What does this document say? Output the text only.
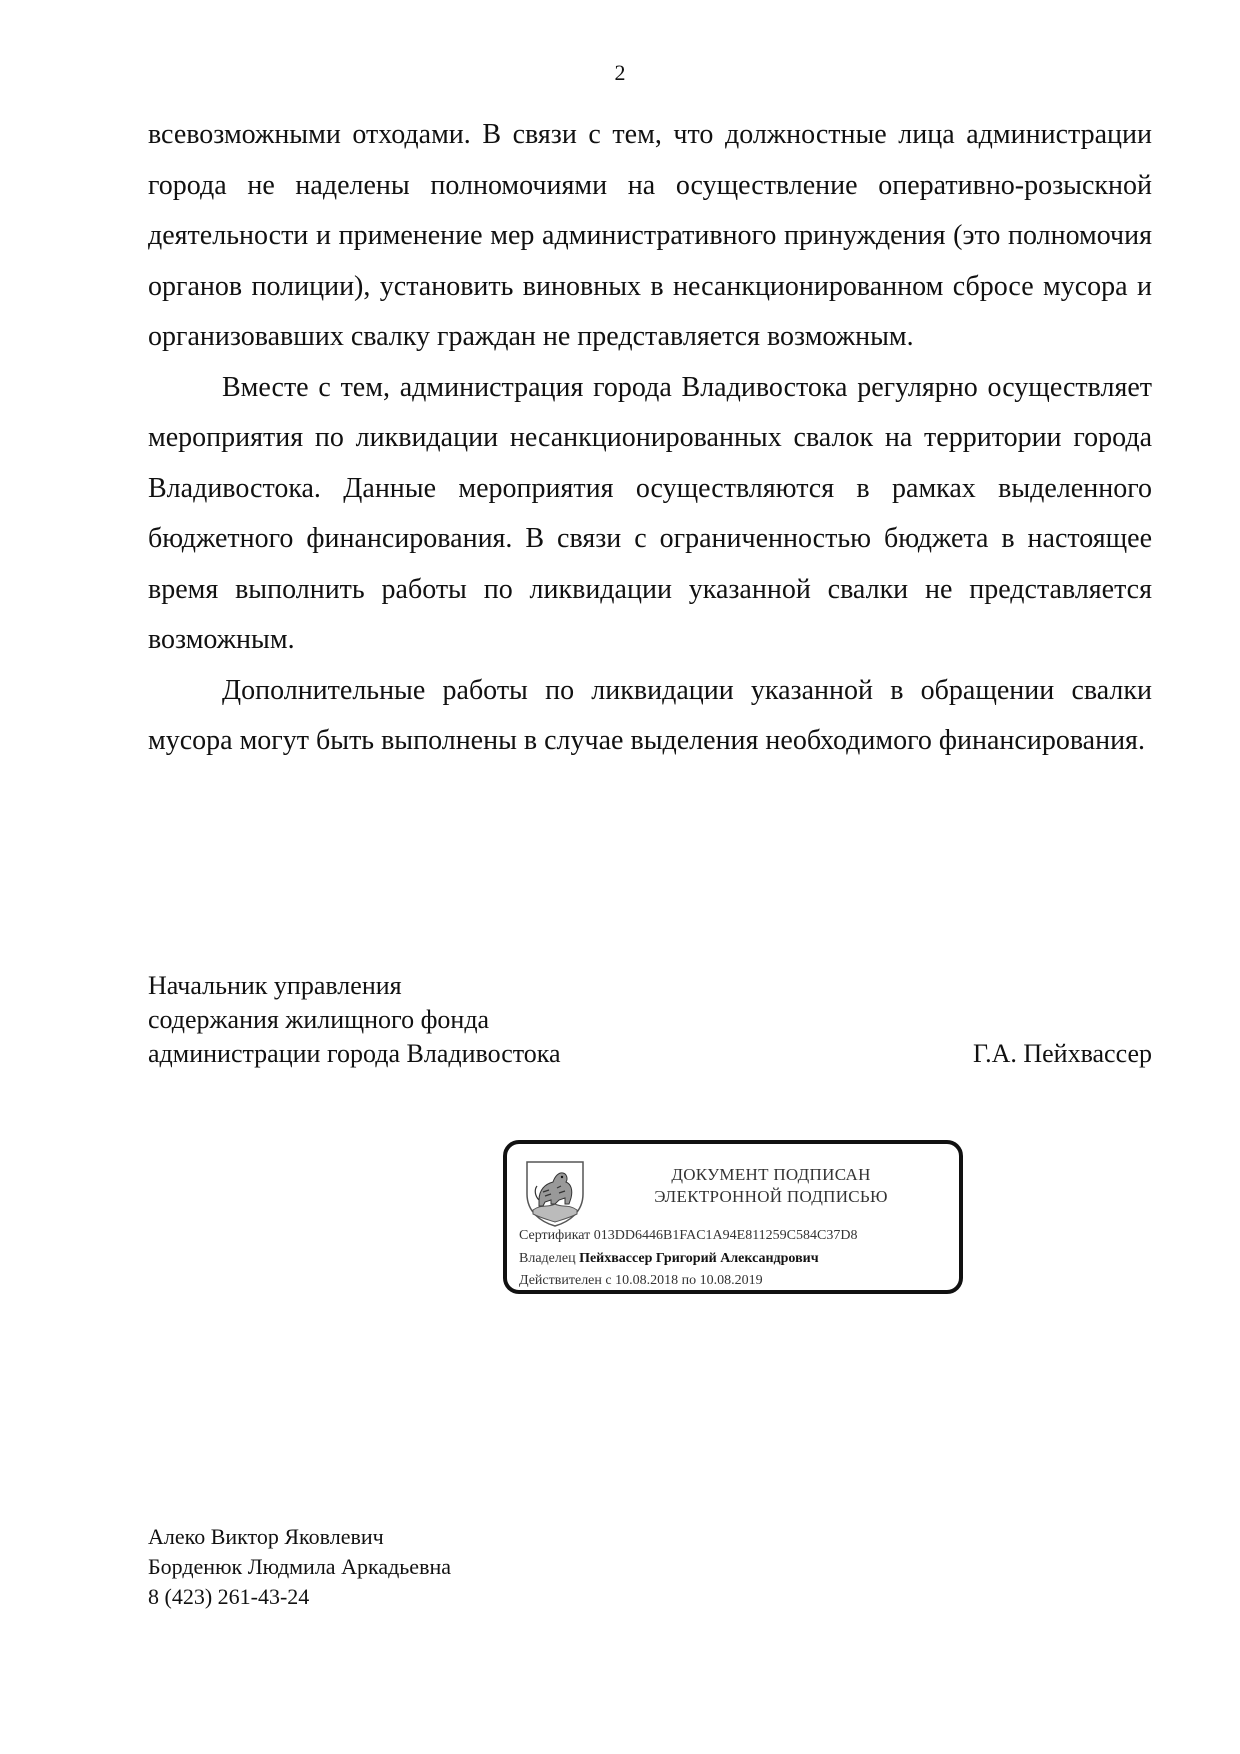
2

всевозможными отходами. В связи с тем, что должностные лица администрации города не наделены полномочиями на осуществление оперативно-розыскной деятельности и применение мер административного принуждения (это полномочия органов полиции), установить виновных в несанкционированном сбросе мусора и организовавших свалку граждан не представляется возможным.

Вместе с тем, администрация города Владивостока регулярно осуществляет мероприятия по ликвидации несанкционированных свалок на территории города Владивостока. Данные мероприятия осуществляются в рамках выделенного бюджетного финансирования. В связи с ограниченностью бюджета в настоящее время выполнить работы по ликвидации указанной свалки не представляется возможным.

Дополнительные работы по ликвидации указанной в обращении свалки мусора могут быть выполнены в случае выделения необходимого финансирования.

Начальник управления
содержания жилищного фонда
администрации города Владивостока	Г.А. Пейхвассер
ДОКУМЕНТ ПОДПИСАН
ЭЛЕКТРОННОЙ ПОДПИСЬЮ
Сертификат 013DD6446B1FAC1A94E811259C584C37D8
Владелец Пейхвассер Григорий Александрович
Действителен с 10.08.2018 по 10.08.2019
Алеко Виктор Яковлевич
Борденюк Людмила Аркадьевна
8 (423) 261-43-24
